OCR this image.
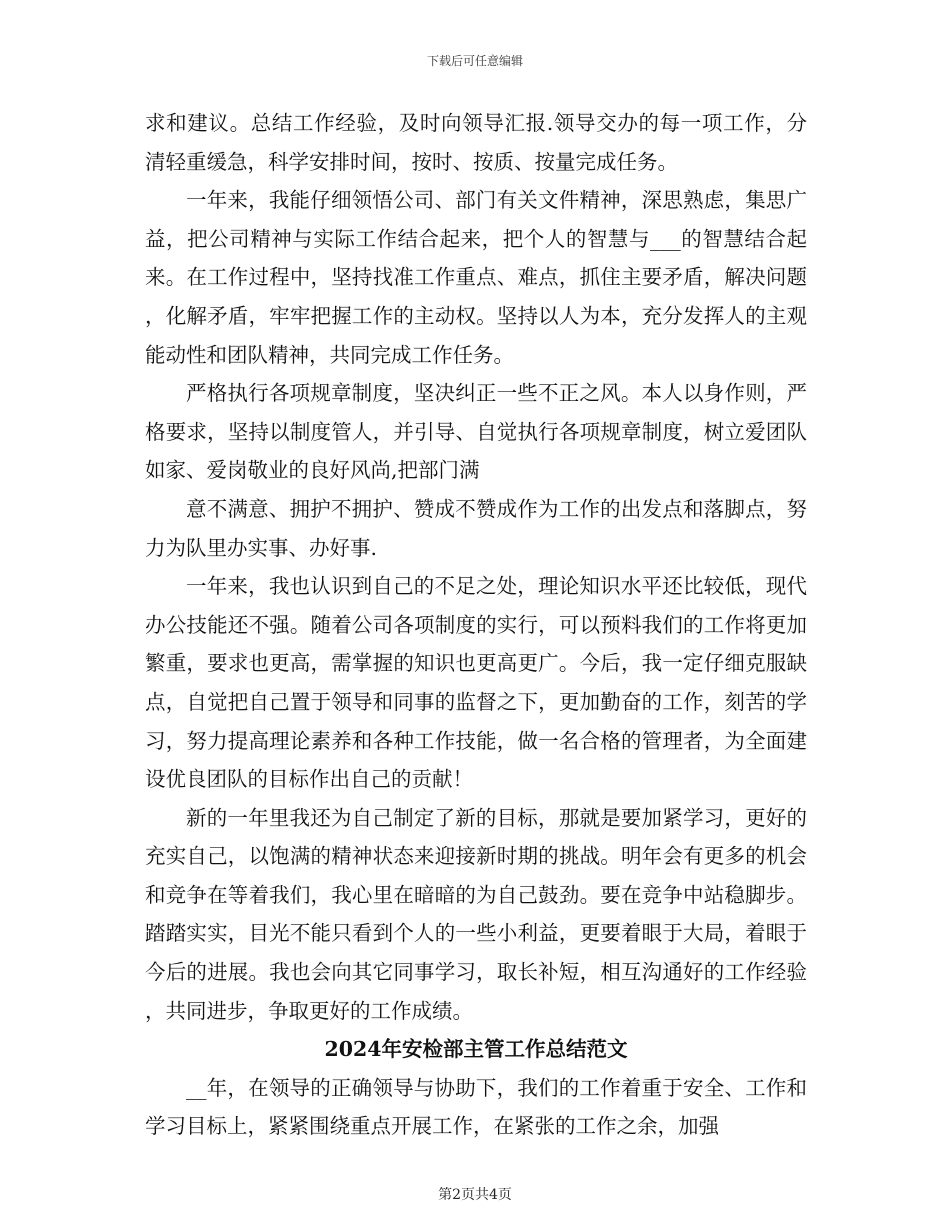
下载后可任意编辑

求和建议。总结工作经验，及时向领导汇报.领导交办的每一项工作，分清轻重缓急，科学安排时间，按时、按质、按量完成任务。

一年来，我能仔细领悟公司、部门有关文件精神，深思熟虑，集思广益，把公司精神与实际工作结合起来，把个人的智慧与___的智慧结合起来。在工作过程中，坚持找准工作重点、难点，抓住主要矛盾，解决问题，化解矛盾，牢牢把握工作的主动权。坚持以人为本，充分发挥人的主观能动性和团队精神，共同完成工作任务。

严格执行各项规章制度，坚决纠正一些不正之风。本人以身作则，严格要求，坚持以制度管人，并引导、自觉执行各项规章制度，树立爱团队如家、爱岗敬业的良好风尚,把部门满

意不满意、拥护不拥护、赞成不赞成作为工作的出发点和落脚点，努力为队里办实事、办好事.

一年来，我也认识到自己的不足之处，理论知识水平还比较低，现代办公技能还不强。随着公司各项制度的实行，可以预料我们的工作将更加繁重，要求也更高，需掌握的知识也更高更广。今后，我一定仔细克服缺点，自觉把自己置于领导和同事的监督之下，更加勤奋的工作，刻苦的学习，努力提高理论素养和各种工作技能，做一名合格的管理者，为全面建设优良团队的目标作出自己的贡献！

新的一年里我还为自己制定了新的目标，那就是要加紧学习，更好的充实自己，以饱满的精神状态来迎接新时期的挑战。明年会有更多的机会和竞争在等着我们，我心里在暗暗的为自己鼓劲。要在竞争中站稳脚步。踏踏实实，目光不能只看到个人的一些小利益，更要着眼于大局，着眼于今后的进展。我也会向其它同事学习，取长补短，相互沟通好的工作经验，共同进步，争取更好的工作成绩。

2024年安检部主管工作总结范文

__年，在领导的正确领导与协助下，我们的工作着重于安全、工作和学习目标上，紧紧围绕重点开展工作，在紧张的工作之余，加强

第2页共4页
